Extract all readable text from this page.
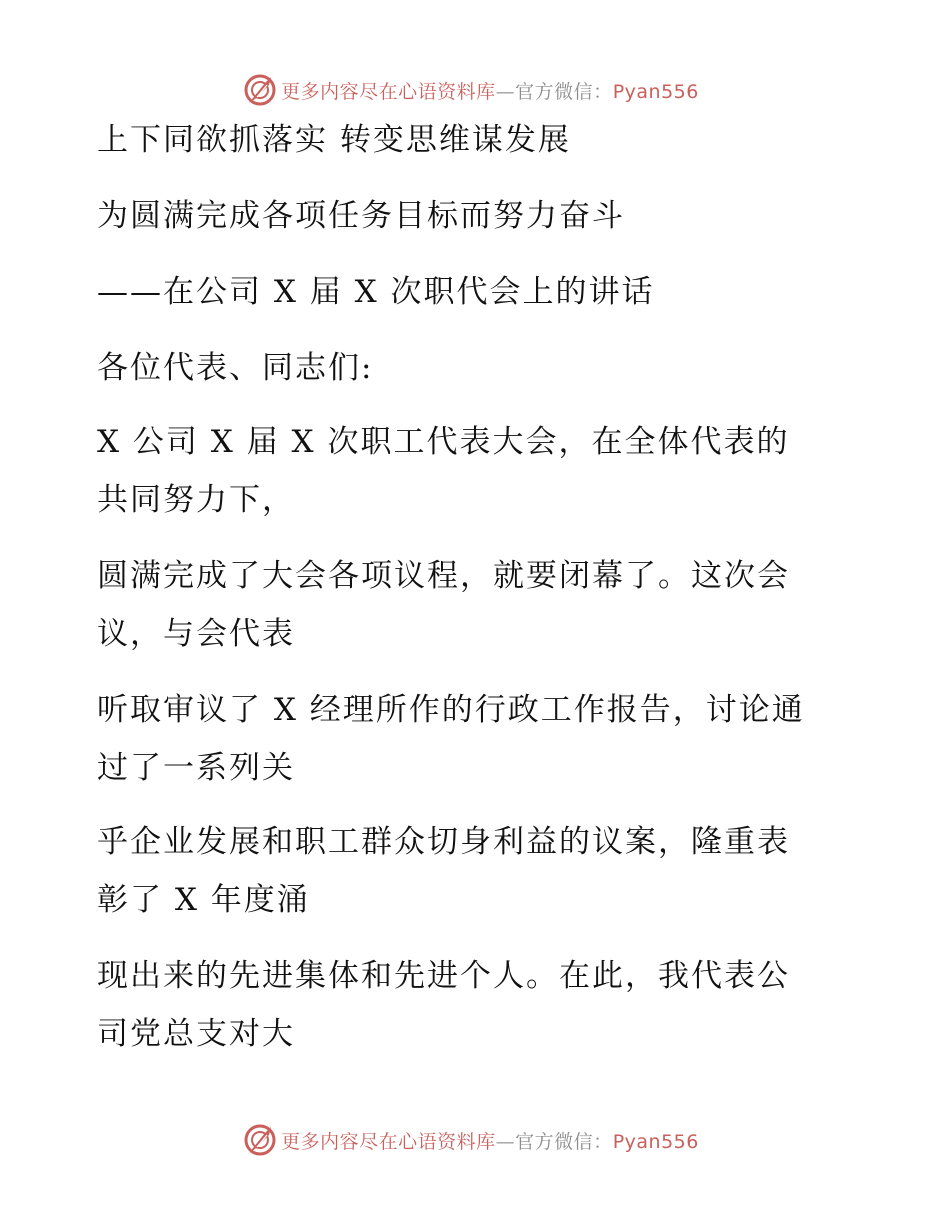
更多内容尽在心语资料库—官方微信：Pyan556
上下同欲抓落实 转变思维谋发展
为圆满完成各项任务目标而努力奋斗
——在公司 X 届 X 次职代会上的讲话
各位代表、同志们:
X 公司 X 届 X 次职工代表大会，在全体代表的
共同努力下，
圆满完成了大会各项议程，就要闭幕了。这次会
议，与会代表
听取审议了 X 经理所作的行政工作报告，讨论通
过了一系列关
乎企业发展和职工群众切身利益的议案，隆重表
彰了 X 年度涌
现出来的先进集体和先进个人。在此，我代表公
司党总支对大
更多内容尽在心语资料库—官方微信：Pyan556
